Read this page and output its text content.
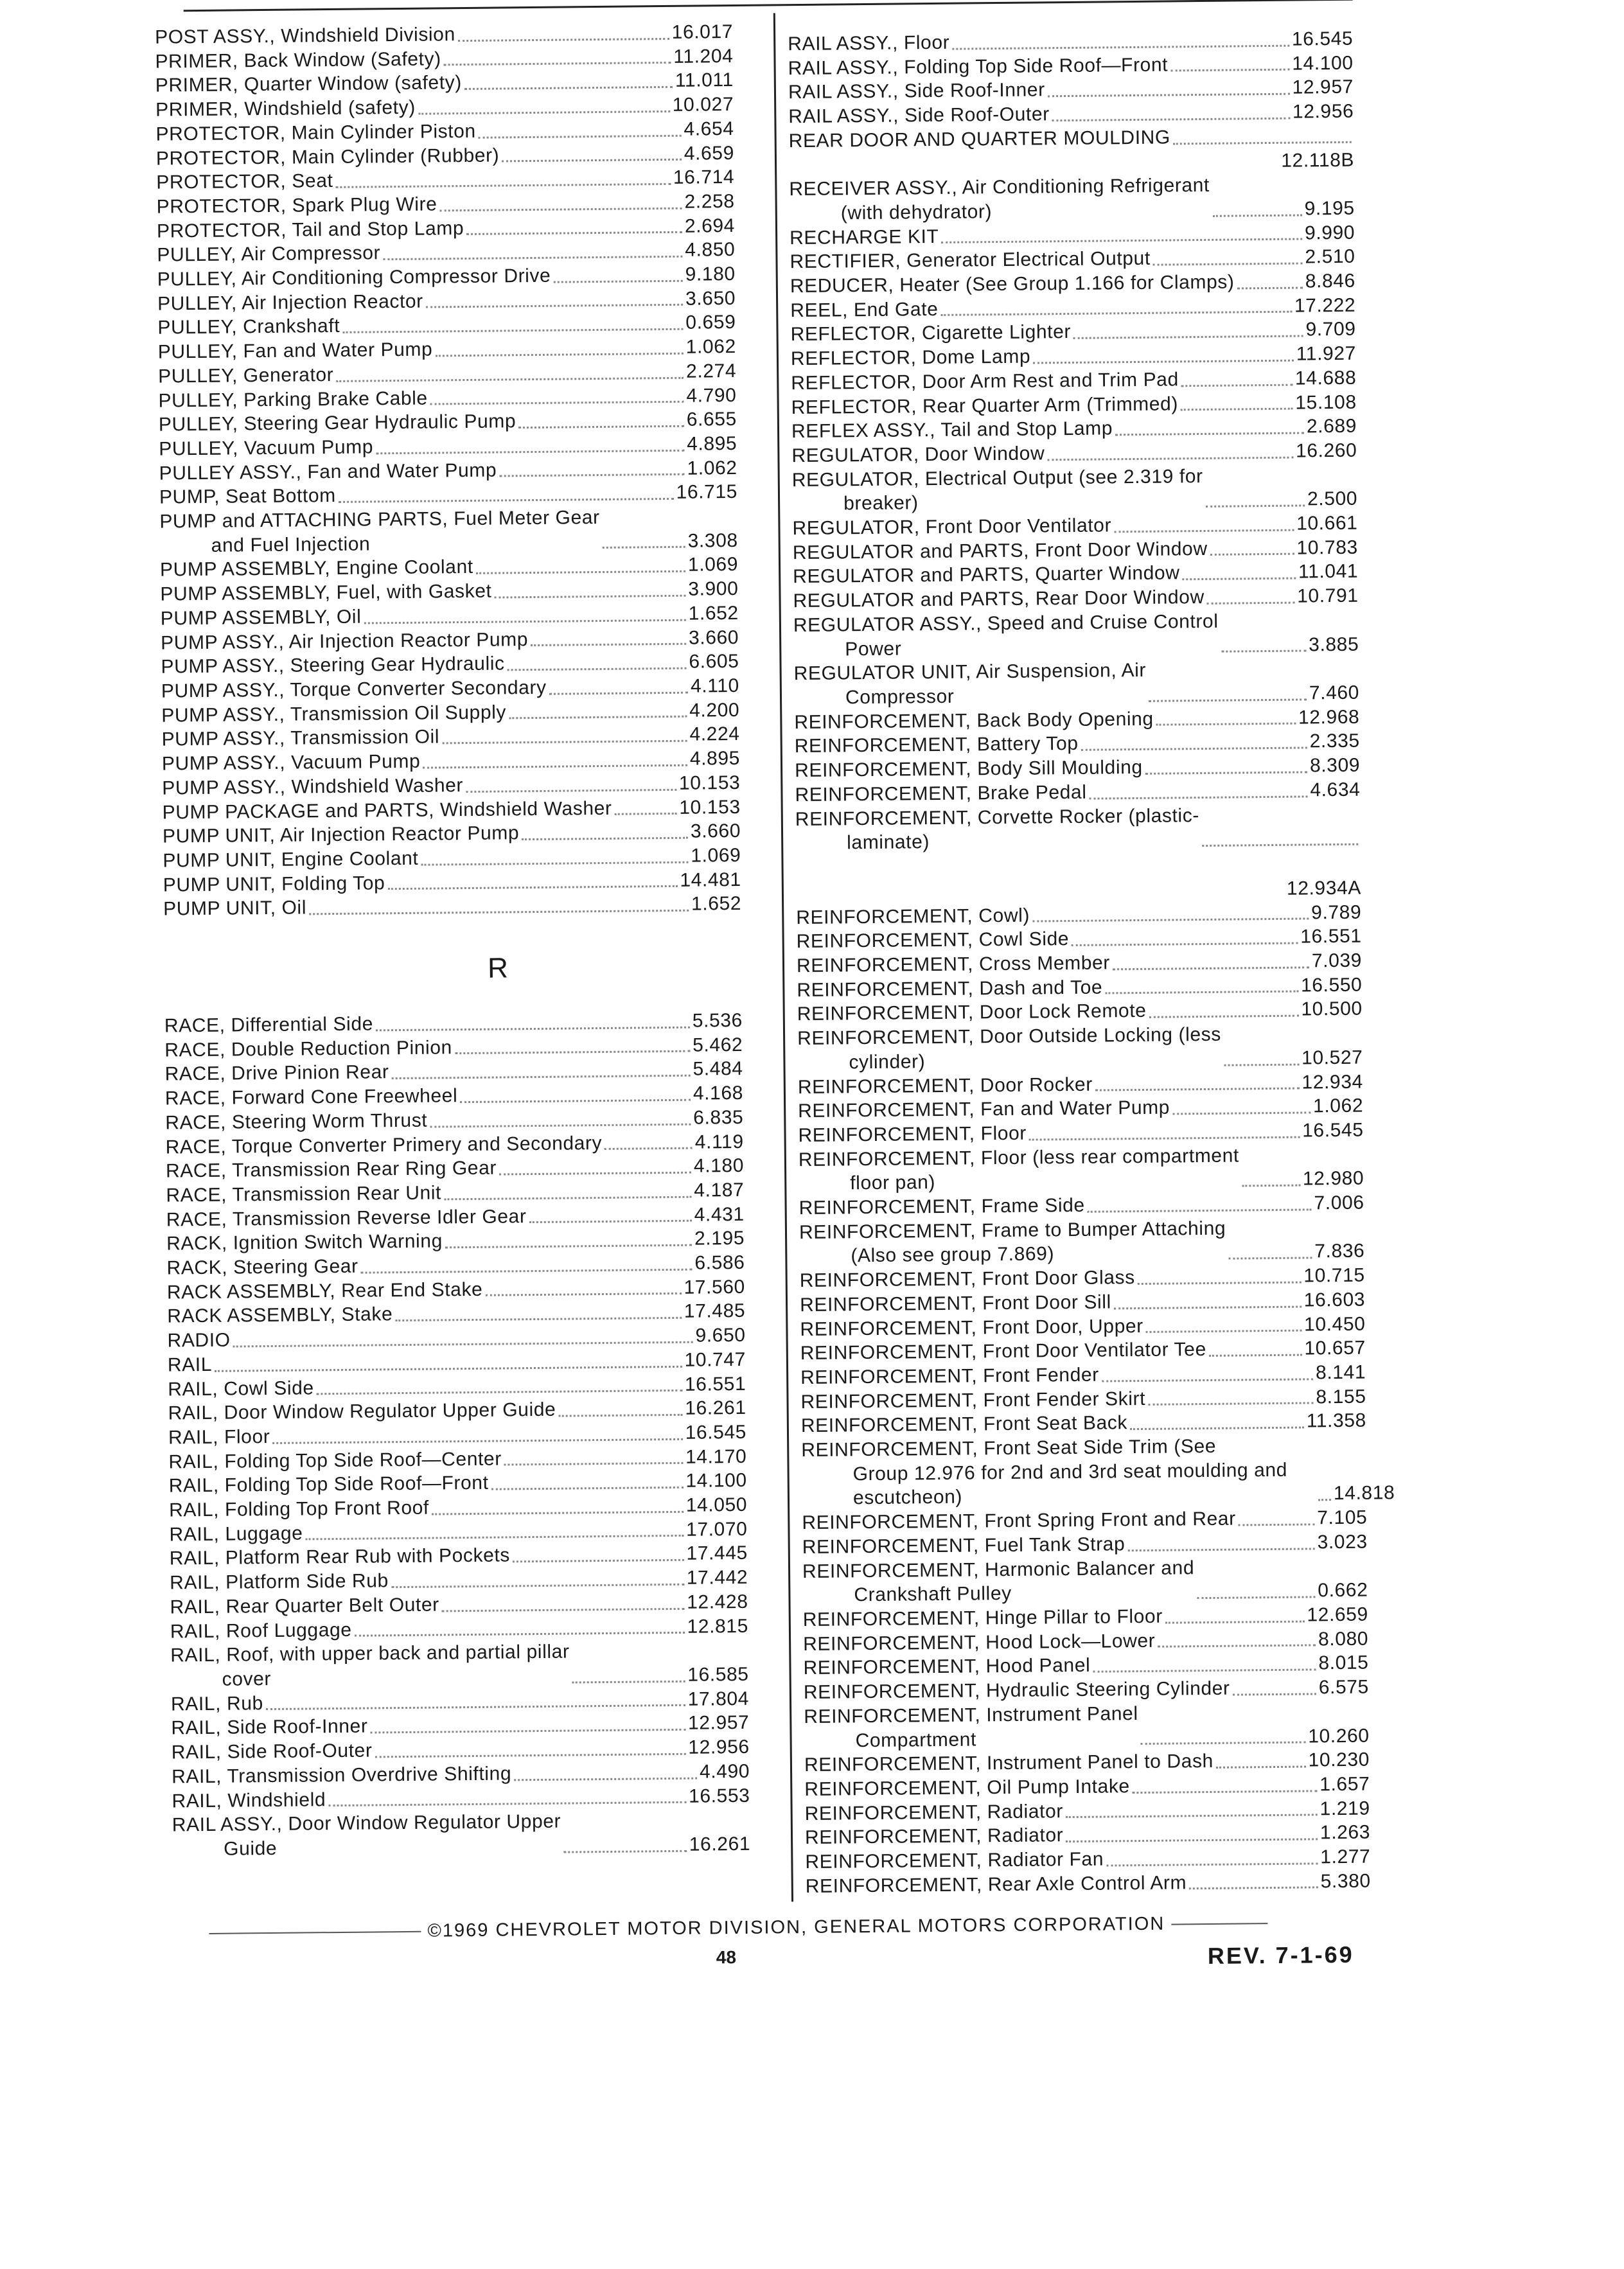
POST ASSY., Windshield Division	16.017
PRIMER, Back Window (Safety)	11.204
PRIMER, Quarter Window (safety)	11.011
PRIMER, Windshield (safety)	10.027
PROTECTOR, Main Cylinder Piston	4.654
PROTECTOR, Main Cylinder (Rubber)	4.659
PROTECTOR, Seat	16.714
PROTECTOR, Spark Plug Wire	2.258
PROTECTOR, Tail and Stop Lamp	2.694
PULLEY, Air Compressor	4.850
PULLEY, Air Conditioning Compressor Drive	9.180
PULLEY, Air Injection Reactor	3.650
PULLEY, Crankshaft	0.659
PULLEY, Fan and Water Pump	1.062
PULLEY, Generator	2.274
PULLEY, Parking Brake Cable	4.790
PULLEY, Steering Gear Hydraulic Pump	6.655
PULLEY, Vacuum Pump	4.895
PULLEY ASSY., Fan and Water Pump	1.062
PUMP, Seat Bottom	16.715
PUMP and ATTACHING PARTS, Fuel Meter Gear
and Fuel Injection	3.308
PUMP ASSEMBLY, Engine Coolant	1.069
PUMP ASSEMBLY, Fuel, with Gasket	3.900
PUMP ASSEMBLY, Oil	1.652
PUMP ASSY., Air Injection Reactor Pump	3.660
PUMP ASSY., Steering Gear Hydraulic	6.605
PUMP ASSY., Torque Converter Secondary	4.110
PUMP ASSY., Transmission Oil Supply	4.200
PUMP ASSY., Transmission Oil	4.224
PUMP ASSY., Vacuum Pump	4.895
PUMP ASSY., Windshield Washer	10.153
PUMP PACKAGE and PARTS, Windshield Washer	10.153
PUMP UNIT, Air Injection Reactor Pump	3.660
PUMP UNIT, Engine Coolant	1.069
PUMP UNIT, Folding Top	14.481
PUMP UNIT, Oil	1.652
R
RACE, Differential Side	5.536
RACE, Double Reduction Pinion	5.462
RACE, Drive Pinion Rear	5.484
RACE, Forward Cone Freewheel	4.168
RACE, Steering Worm Thrust	6.835
RACE, Torque Converter Primery and Secondary	4.119
RACE, Transmission Rear Ring Gear	4.180
RACE, Transmission Rear Unit	4.187
RACE, Transmission Reverse Idler Gear	4.431
RACK, Ignition Switch Warning	2.195
RACK, Steering Gear	6.586
RACK ASSEMBLY, Rear End Stake	17.560
RACK ASSEMBLY, Stake	17.485
RADIO	9.650
RAIL	10.747
RAIL, Cowl Side	16.551
RAIL, Door Window Regulator Upper Guide	16.261
RAIL, Floor	16.545
RAIL, Folding Top Side Roof—Center	14.170
RAIL, Folding Top Side Roof—Front	14.100
RAIL, Folding Top Front Roof	14.050
RAIL, Luggage	17.070
RAIL, Platform Rear Rub with Pockets	17.445
RAIL, Platform Side Rub	17.442
RAIL, Rear Quarter Belt Outer	12.428
RAIL, Roof Luggage	12.815
RAIL, Roof, with upper back and partial pillar
cover	16.585
RAIL, Rub	17.804
RAIL, Side Roof-Inner	12.957
RAIL, Side Roof-Outer	12.956
RAIL, Transmission Overdrive Shifting	4.490
RAIL, Windshield	16.553
RAIL ASSY., Door Window Regulator Upper
Guide	16.261
RAIL ASSY., Floor	16.545
RAIL ASSY., Folding Top Side Roof—Front	14.100
RAIL ASSY., Side Roof-Inner	12.957
RAIL ASSY., Side Roof-Outer	12.956
REAR DOOR AND QUARTER MOULDING
12.118B
RECEIVER ASSY., Air Conditioning Refrigerant
(with dehydrator)	9.195
RECHARGE KIT	9.990
RECTIFIER, Generator Electrical Output	2.510
REDUCER, Heater (See Group 1.166 for Clamps)	8.846
REEL, End Gate	17.222
REFLECTOR, Cigarette Lighter	9.709
REFLECTOR, Dome Lamp	11.927
REFLECTOR, Door Arm Rest and Trim Pad	14.688
REFLECTOR, Rear Quarter Arm (Trimmed)	15.108
REFLEX ASSY., Tail and Stop Lamp	2.689
REGULATOR, Door Window	16.260
REGULATOR, Electrical Output (see 2.319 for
breaker)	2.500
REGULATOR, Front Door Ventilator	10.661
REGULATOR and PARTS, Front Door Window	10.783
REGULATOR and PARTS, Quarter Window	11.041
REGULATOR and PARTS, Rear Door Window	10.791
REGULATOR ASSY., Speed and Cruise Control
Power	3.885
REGULATOR UNIT, Air Suspension, Air
Compressor	7.460
REINFORCEMENT, Back Body Opening	12.968
REINFORCEMENT, Battery Top	2.335
REINFORCEMENT, Body Sill Moulding	8.309
REINFORCEMENT, Brake Pedal	4.634
REINFORCEMENT, Corvette Rocker (plastic-
laminate)
12.934A
REINFORCEMENT, Cowl)	9.789
REINFORCEMENT, Cowl Side	16.551
REINFORCEMENT, Cross Member	7.039
REINFORCEMENT, Dash and Toe	16.550
REINFORCEMENT, Door Lock Remote	10.500
REINFORCEMENT, Door Outside Locking (less
cylinder)	10.527
REINFORCEMENT, Door Rocker	12.934
REINFORCEMENT, Fan and Water Pump	1.062
REINFORCEMENT, Floor	16.545
REINFORCEMENT, Floor (less rear compartment
floor pan)	12.980
REINFORCEMENT, Frame Side	7.006
REINFORCEMENT, Frame to Bumper Attaching
(Also see group 7.869)	7.836
REINFORCEMENT, Front Door Glass	10.715
REINFORCEMENT, Front Door Sill	16.603
REINFORCEMENT, Front Door, Upper	10.450
REINFORCEMENT, Front Door Ventilator Tee	10.657
REINFORCEMENT, Front Fender	8.141
REINFORCEMENT, Front Fender Skirt	8.155
REINFORCEMENT, Front Seat Back	11.358
REINFORCEMENT, Front Seat Side Trim (See
Group 12.976 for 2nd and 3rd seat moulding and escutcheon)	14.818
REINFORCEMENT, Front Spring Front and Rear	7.105
REINFORCEMENT, Fuel Tank Strap	3.023
REINFORCEMENT, Harmonic Balancer and
Crankshaft Pulley	0.662
REINFORCEMENT, Hinge Pillar to Floor	12.659
REINFORCEMENT, Hood Lock—Lower	8.080
REINFORCEMENT, Hood Panel	8.015
REINFORCEMENT, Hydraulic Steering Cylinder	6.575
REINFORCEMENT, Instrument Panel
Compartment	10.260
REINFORCEMENT, Instrument Panel to Dash	10.230
REINFORCEMENT, Oil Pump Intake	1.657
REINFORCEMENT, Radiator	1.219
REINFORCEMENT, Radiator	1.263
REINFORCEMENT, Radiator Fan	1.277
REINFORCEMENT, Rear Axle Control Arm	5.380
©1969 CHEVROLET MOTOR DIVISION, GENERAL MOTORS CORPORATION
48	REV. 7-1-69
